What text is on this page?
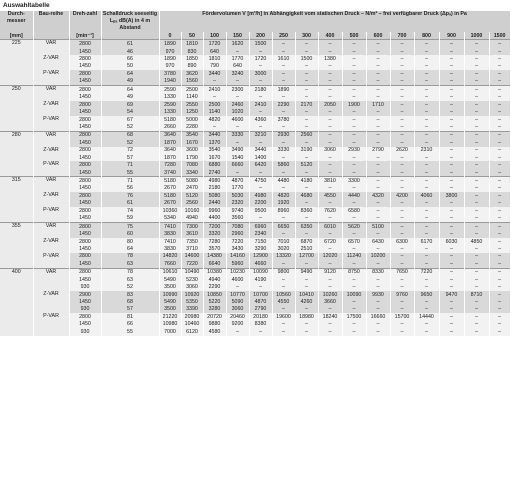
Auswahltabelle
Durch-messer	Bau-reihe	Dreh-zahl	Schalldruck seeseitig Lₚₐ dB(A) in 4 m Abstand	Fördervolumen V [m³/h] in Abhängigkeit vom statischen Druck – N/m² – frei verfügbarer Druck (Δpₛ) in Pa														
[mm]		[min⁻¹]		0	50	100	150	200	250	300	400	500	600	700	800	900	1000	1500
225	VAR	2800	61	1890	1810	1720	1620	1500	–	–	–	–	–	–	–	–	–	–
		1450	46	970	830	640	–	–	–	–	–	–	–	–	–	–	–	–
	Z-VAR	2800	66	1890	1850	1810	1770	1720	1610	1500	1380	–	–	–	–	–	–	–
		1450	50	970	890	790	640	–	–	–	–	–	–	–	–	–	–	–
	P-VAR	2800	64	3780	3620	3440	3240	3000	–	–	–	–	–	–	–	–	–	–
		1450	49	1940	1560	–	–	–	–	–	–	–	–	–	–	–	–	–
250	VAR	2800	64	2590	2500	2410	2300	2180	1890	–	–	–	–	–	–	–	–	–
		1450	49	1330	1140	–	–	–	–	–	–	–	–	–	–	–	–	–
	Z-VAR	2800	69	2590	2550	2500	2460	2410	2290	2170	2050	1900	1710	–	–	–	–	–
		1450	54	1330	1250	1140	1020	–	–	–	–	–	–	–	–	–	–	–
	P-VAR	2800	67	5180	5000	4820	4600	4360	3780	–	–	–	–	–	–	–	–	–
		1450	52	2660	2280	–	–	–	–	–	–	–	–	–	–	–	–	–
280	VAR	2800	68	3640	3540	3440	3330	3210	2930	2560	–	–	–	–	–	–	–	–
		1450	52	1870	1670	1370	–	–	–	–	–	–	–	–	–	–	–	–
	Z-VAR	2800	72	3640	3600	3540	3490	3440	3330	3190	3060	2930	2790	2620	2310	–	–	–
		1450	57	1870	1790	1670	1540	1400	–	–	–	–	–	–	–	–	–	–
	P-VAR	2800	71	7280	7080	6880	6660	6420	5860	5120	–	–	–	–	–	–	–	–
		1450	55	3740	3340	2740	–	–	–	–	–	–	–	–	–	–	–	–
315	VAR	2800	71	5180	5080	4980	4870	4750	4480	4180	3810	3300	–	–	–	–	–	–
		1450	56	2670	2470	2180	1770	–	–	–	–	–	–	–	–	–	–	–
	Z-VAR	2800	76	5180	5120	5080	5030	4980	4820	4680	4550	4440	4320	4200	4060	3800	–	–
		1450	61	2670	2560	2440	2320	2200	1920	–	–	–	–	–	–	–	–	–
	P-VAR	2800	74	10360	10160	9960	9740	9500	8960	8360	7620	6580	–	–	–	–	–	–
		1450	59	5340	4940	4400	3560	–	–	–	–	–	–	–	–	–	–	–
355	VAR	2800	75	7410	7300	7200	7080	6960	6650	6350	6010	5620	5100	–	–	–	–	–
		1450	60	3830	3610	3320	2960	2340	–	–	–	–	–	–	–	–	–	–
	Z-VAR	2800	80	7410	7350	7280	7220	7150	7010	6870	6720	6570	6430	6300	6170	6030	4850	–
		1450	64	3830	3710	3570	3430	3290	3020	2510	–	–	–	–	–	–	–	–
	P-VAR	2800	78	14820	14600	14380	14160	12900	13320	12700	12020	11240	10200	–	–	–	–	–
		1450	63	7660	7220	6640	5960	4660	–	–	–	–	–	–	–	–	–	–
400	VAR	2800	78	10610	10490	10380	10230	10090	9800	9490	9120	8750	8330	7650	7220	–	–	–
		1450	63	5490	5230	4940	4600	4190	–	–	–	–	–	–	–	–	–	–
		930	52	3500	3060	2290	–	–	–	–	–	–	–	–	–	–	–	–
	Z-VAR	2900	83	10990	10920	10850	10770	10700	10560	10410	10260	10090	9930	9760	9650	9470	8710	–
		1450	68	5490	5350	5220	5090	4870	4550	4260	3660	–	–	–	–	–	–	–
		930	57	3500	3390	3280	3060	2790	–	–	–	–	–	–	–	–	–	–
	P-VAR	2800	81	21220	20980	20720	20460	20180	19600	18980	18240	17500	16660	15700	14440	–	–	–
		1450	66	10980	10460	9880	9200	8380	–	–	–	–	–	–	–	–	–	–
		930	55	7000	6120	4580	–	–	–	–	–	–	–	–	–	–	–	–
